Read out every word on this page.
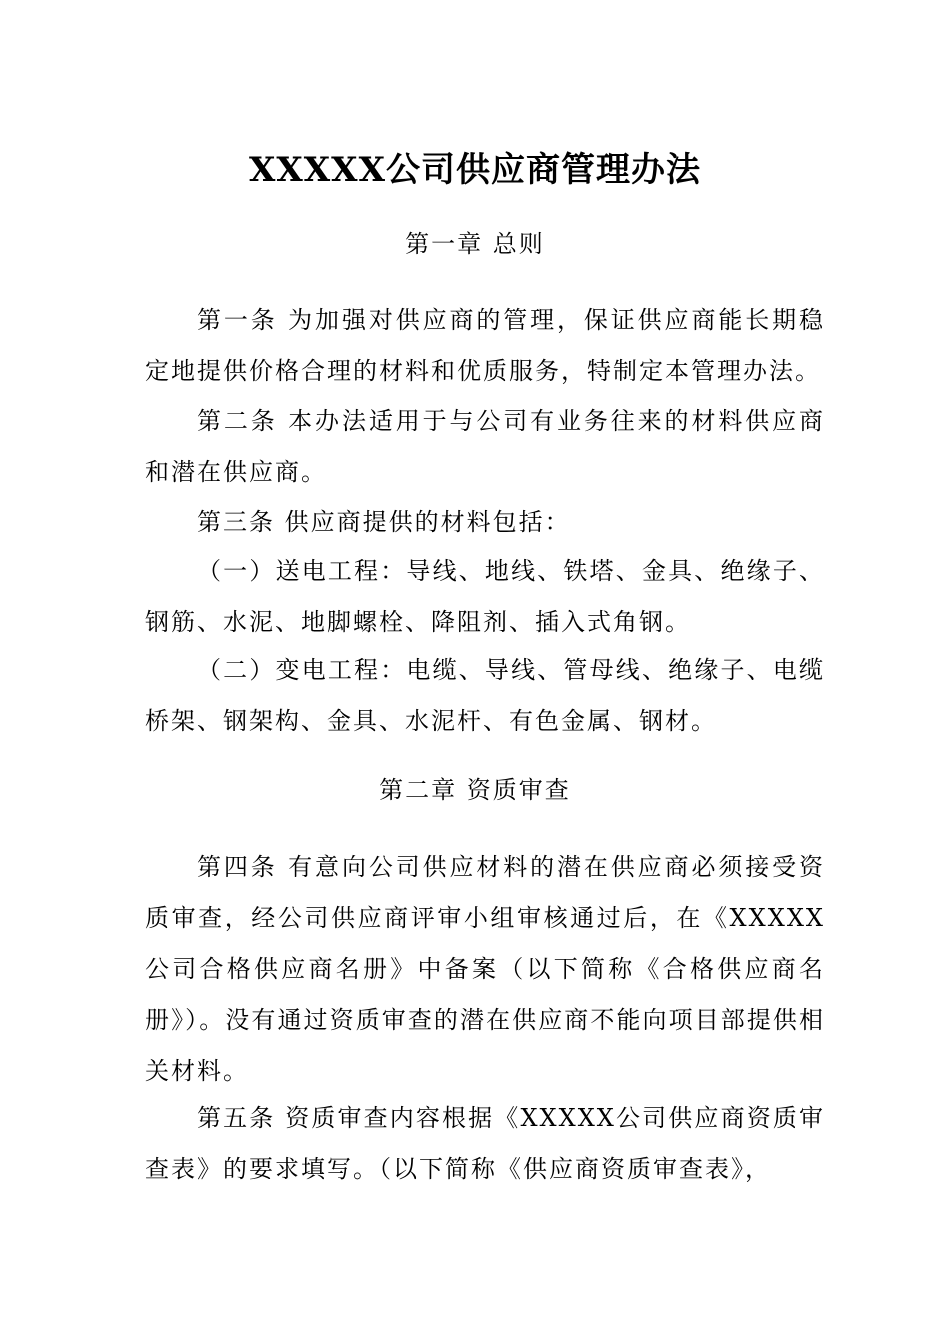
XXXXX公司供应商管理办法
第一章 总则

第一条 为加强对供应商的管理，保证供应商能长期稳定地提供价格合理的材料和优质服务，特制定本管理办法。

第二条 本办法适用于与公司有业务往来的材料供应商和潜在供应商。

第三条 供应商提供的材料包括：

（一）送电工程：导线、地线、铁塔、金具、绝缘子、钢筋、水泥、地脚螺栓、降阻剂、插入式角钢。

（二）变电工程：电缆、导线、管母线、绝缘子、电缆桥架、钢架构、金具、水泥杆、有色金属、钢材。

第二章 资质审查

第四条 有意向公司供应材料的潜在供应商必须接受资质审查，经公司供应商评审小组审核通过后，在《XXXXX公司合格供应商名册》中备案（以下简称《合格供应商名册》）。没有通过资质审查的潜在供应商不能向项目部提供相关材料。

第五条 资质审查内容根据《XXXXX公司供应商资质审查表》的要求填写。（以下简称《供应商资质审查表》，
